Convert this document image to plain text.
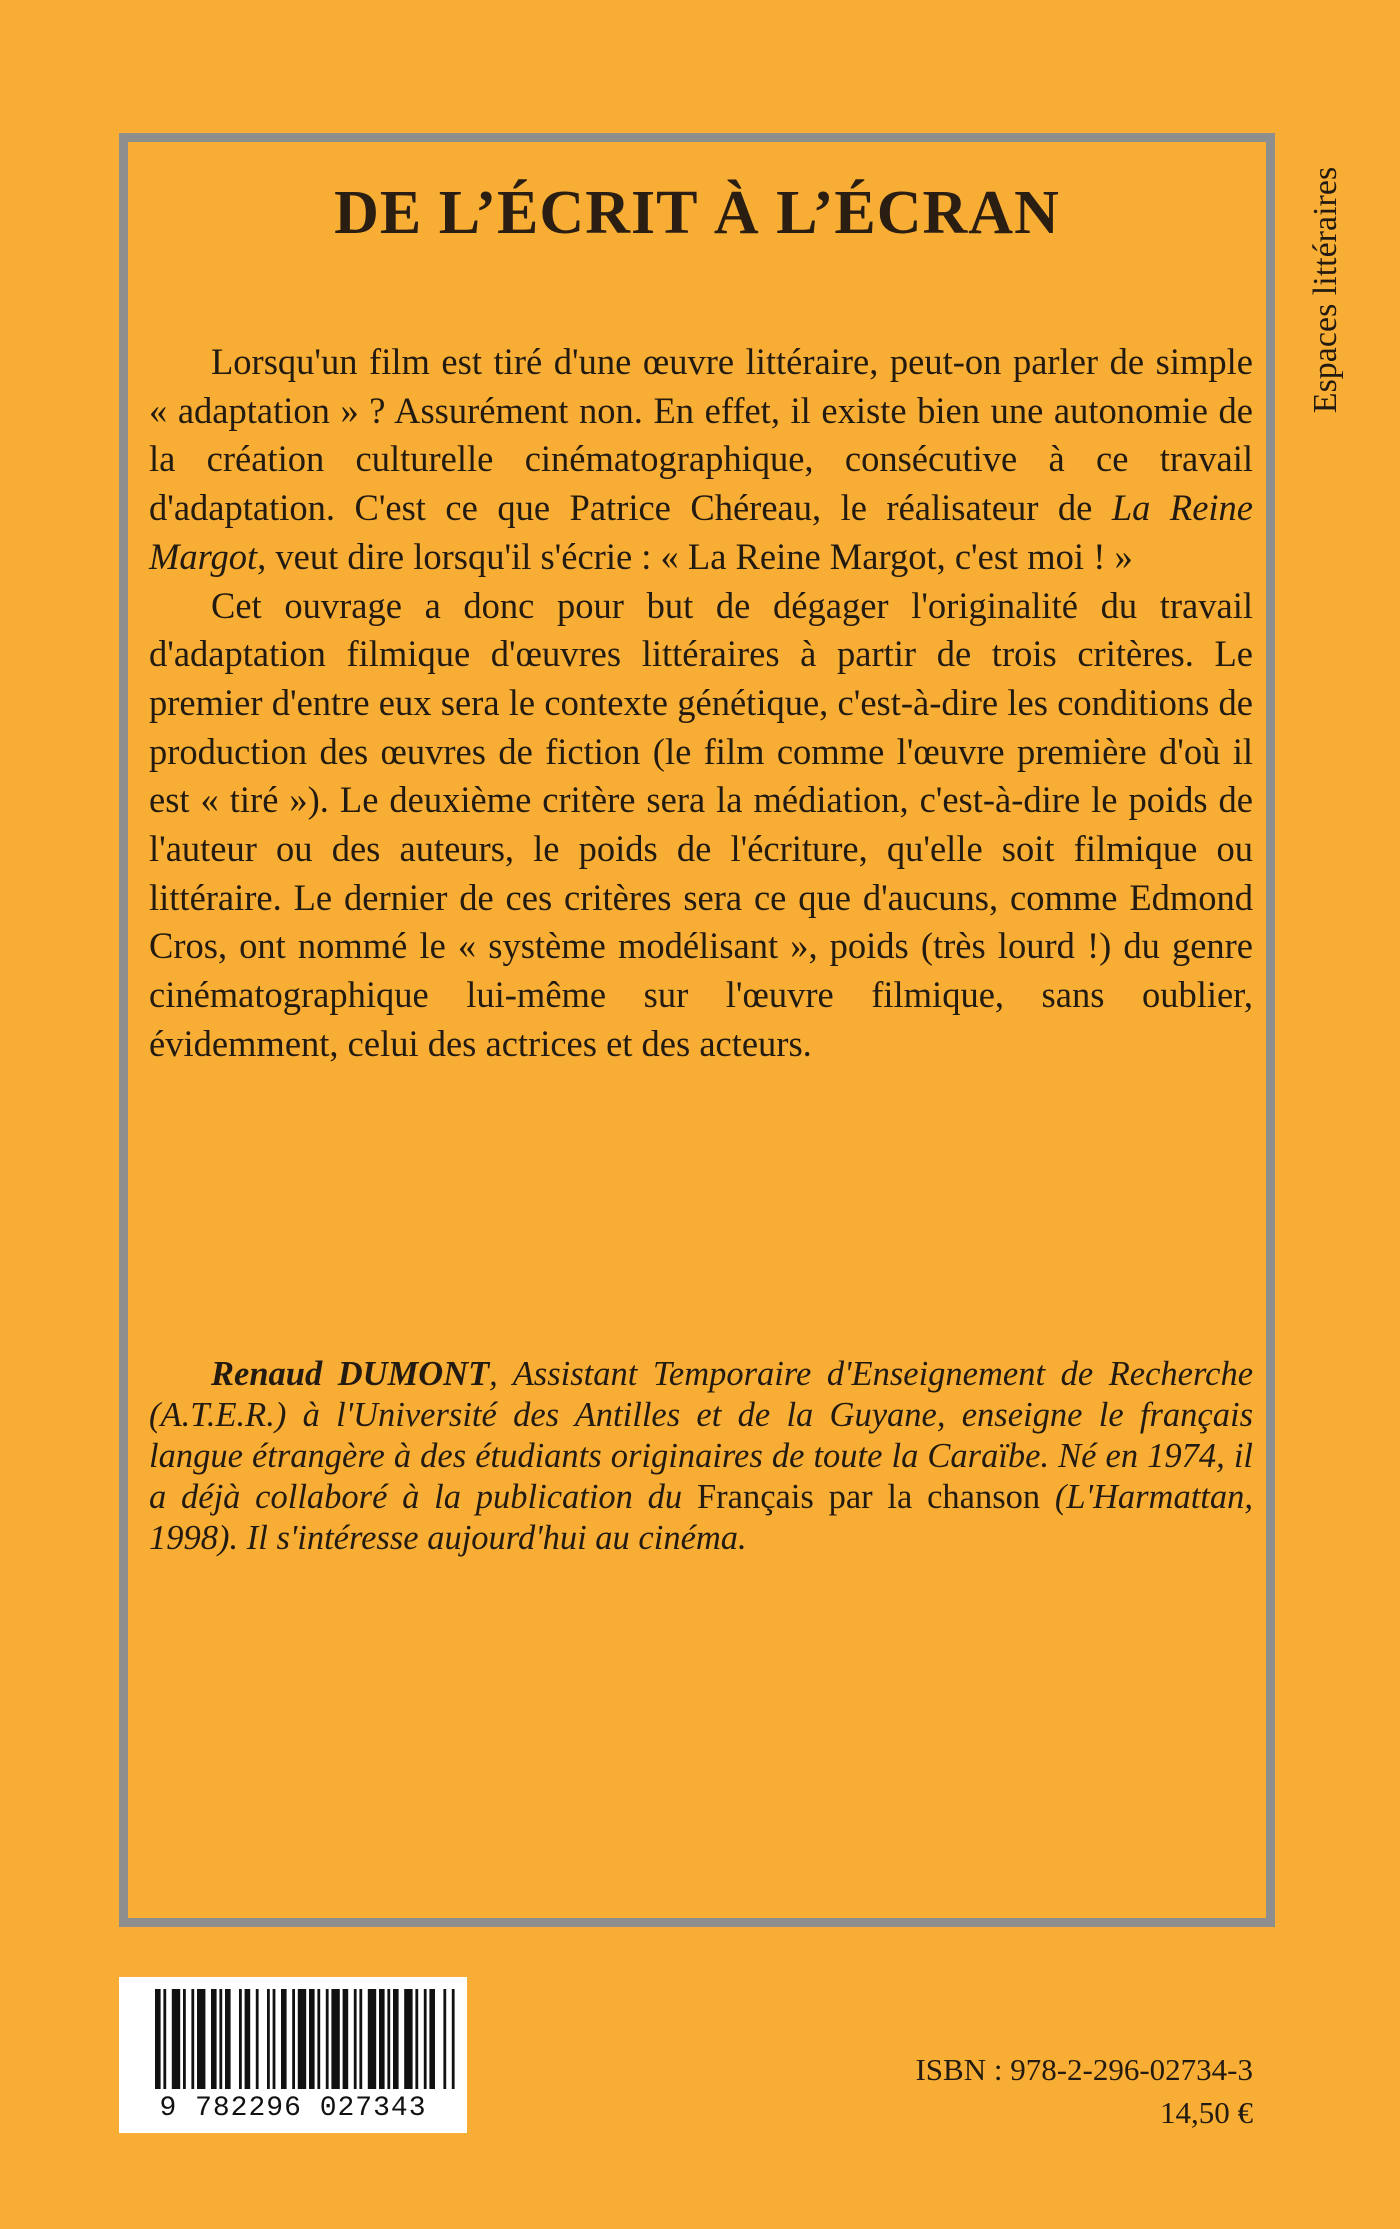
DE L’ÉCRIT À L’ÉCRAN	Espaces littéraires

Lorsqu'un film est tiré d'une œuvre littéraire, peut-on parler de simple « adaptation » ? Assurément non. En effet, il existe bien une autonomie de la création culturelle cinématographique, consécutive à ce travail d'adaptation. C'est ce que Patrice Chéreau, le réalisateur de La Reine Margot, veut dire lorsqu'il s'écrie : « La Reine Margot, c'est moi ! »

Cet ouvrage a donc pour but de dégager l'originalité du travail d'adaptation filmique d'œuvres littéraires à partir de trois critères. Le premier d'entre eux sera le contexte génétique, c'est-à-dire les conditions de production des œuvres de fiction (le film comme l'œuvre première d'où il est « tiré »). Le deuxième critère sera la médiation, c'est-à-dire le poids de l'auteur ou des auteurs, le poids de l'écriture, qu'elle soit filmique ou littéraire. Le dernier de ces critères sera ce que d'aucuns, comme Edmond Cros, ont nommé le « système modélisant », poids (très lourd !) du genre cinématographique lui-même sur l'œuvre filmique, sans oublier, évidemment, celui des actrices et des acteurs.

Renaud DUMONT, Assistant Temporaire d'Enseignement de Recherche (A.T.E.R.) à l'Université des Antilles et de la Guyane, enseigne le français langue étrangère à des étudiants originaires de toute la Caraïbe. Né en 1974, il a déjà collaboré à la publication du Français par la chanson (L'Harmattan, 1998). Il s'intéresse aujourd'hui au cinéma.

9 782296 027343
ISBN : 978-2-296-02734-3
14,50 €
